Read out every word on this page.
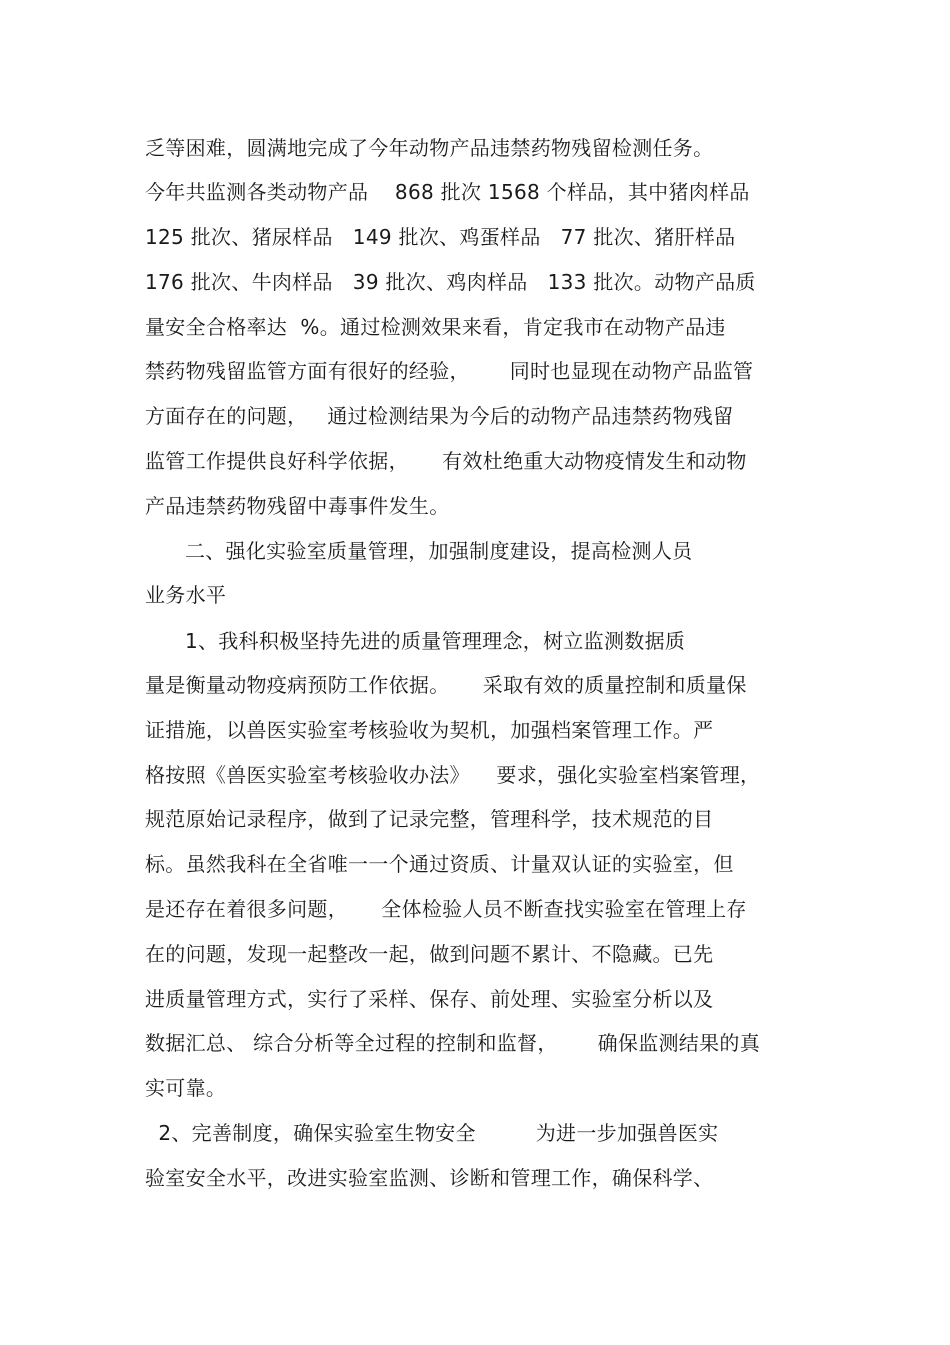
乏等困难，圆满地完成了今年动物产品违禁药物残留检测任务。
今年共监测各类动物产品    868 批次 1568 个样品，其中猪肉样品
125 批次、猪尿样品   149 批次、鸡蛋样品   77 批次、猪肝样品
176 批次、牛肉样品   39 批次、鸡肉样品   133 批次。动物产品质
量安全合格率达  %。通过检测效果来看，肯定我市在动物产品违
禁药物残留监管方面有很好的经验，      同时也显现在动物产品监管
方面存在的问题，   通过检测结果为今后的动物产品违禁药物残留
监管工作提供良好科学依据，     有效杜绝重大动物疫情发生和动物
产品违禁药物残留中毒事件发生。
二、强化实验室质量管理，加强制度建设，提高检测人员
业务水平
1、我科积极坚持先进的质量管理理念，树立监测数据质
量是衡量动物疫病预防工作依据。     采取有效的质量控制和质量保
证措施，以兽医实验室考核验收为契机，加强档案管理工作。严
格按照《兽医实验室考核验收办法》    要求，强化实验室档案管理，
规范原始记录程序，做到了记录完整，管理科学，技术规范的目
标。虽然我科在全省唯一一个通过资质、计量双认证的实验室，但
是还存在着很多问题，     全体检验人员不断查找实验室在管理上存
在的问题，发现一起整改一起，做到问题不累计、不隐藏。已先
进质量管理方式，实行了采样、保存、前处理、实验室分析以及
数据汇总、 综合分析等全过程的控制和监督，      确保监测结果的真
实可靠。
2、完善制度，确保实验室生物安全         为进一步加强兽医实
验室安全水平，改进实验室监测、诊断和管理工作，确保科学、
